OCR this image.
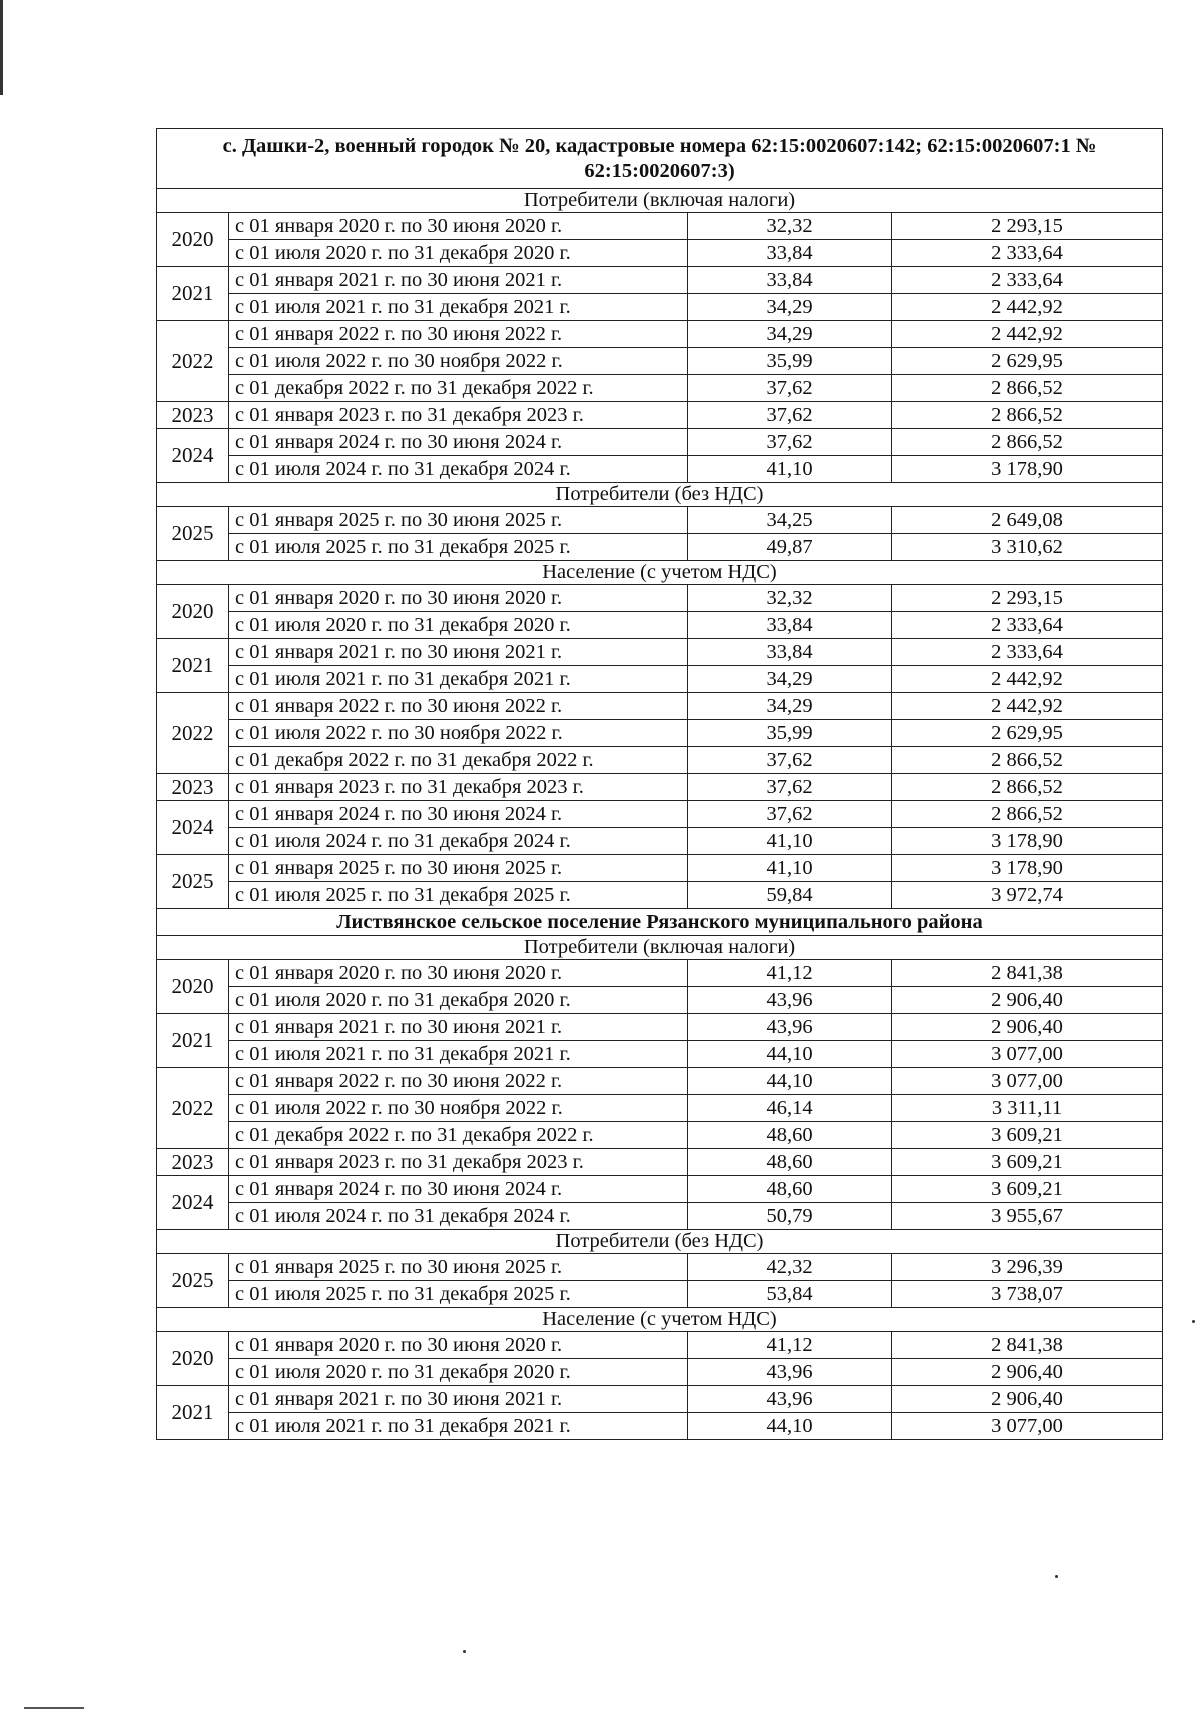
с. Дашки-2, военный городок № 20, кадастровые номера 62:15:0020607:142; 62:15:0020607:1 № 62:15:0020607:3)			
Потребители (включая налоги)			
2020	с 01 января 2020 г. по 30 июня 2020 г.	32,32	2 293,15
	с 01 июля 2020 г. по 31 декабря 2020 г.	33,84	2 333,64
2021	с 01 января 2021 г. по 30 июня 2021 г.	33,84	2 333,64
	с 01 июля 2021 г. по 31 декабря 2021 г.	34,29	2 442,92
2022	с 01 января 2022 г. по 30 июня 2022 г.	34,29	2 442,92
	с 01 июля 2022 г. по 30 ноября 2022 г.	35,99	2 629,95
	с 01 декабря 2022 г. по 31 декабря 2022 г.	37,62	2 866,52
2023	с 01 января 2023 г. по 31 декабря 2023 г.	37,62	2 866,52
2024	с 01 января 2024 г. по 30 июня 2024 г.	37,62	2 866,52
	с 01 июля 2024 г. по 31 декабря 2024 г.	41,10	3 178,90
Потребители (без НДС)			
2025	с 01 января 2025 г. по 30 июня 2025 г.	34,25	2 649,08
	с 01 июля 2025 г. по 31 декабря 2025 г.	49,87	3 310,62
Население (с учетом НДС)			
2020	с 01 января 2020 г. по 30 июня 2020 г.	32,32	2 293,15
	с 01 июля 2020 г. по 31 декабря 2020 г.	33,84	2 333,64
2021	с 01 января 2021 г. по 30 июня 2021 г.	33,84	2 333,64
	с 01 июля 2021 г. по 31 декабря 2021 г.	34,29	2 442,92
2022	с 01 января 2022 г. по 30 июня 2022 г.	34,29	2 442,92
	с 01 июля 2022 г. по 30 ноября 2022 г.	35,99	2 629,95
	с 01 декабря 2022 г. по 31 декабря 2022 г.	37,62	2 866,52
2023	с 01 января 2023 г. по 31 декабря 2023 г.	37,62	2 866,52
2024	с 01 января 2024 г. по 30 июня 2024 г.	37,62	2 866,52
	с 01 июля 2024 г. по 31 декабря 2024 г.	41,10	3 178,90
2025	с 01 января 2025 г. по 30 июня 2025 г.	41,10	3 178,90
	с 01 июля 2025 г. по 31 декабря 2025 г.	59,84	3 972,74
Листвянское сельское поселение Рязанского муниципального района			
Потребители (включая налоги)			
2020	с 01 января 2020 г. по 30 июня 2020 г.	41,12	2 841,38
	с 01 июля 2020 г. по 31 декабря 2020 г.	43,96	2 906,40
2021	с 01 января 2021 г. по 30 июня 2021 г.	43,96	2 906,40
	с 01 июля 2021 г. по 31 декабря 2021 г.	44,10	3 077,00
2022	с 01 января 2022 г. по 30 июня 2022 г.	44,10	3 077,00
	с 01 июля 2022 г. по 30 ноября 2022 г.	46,14	3 311,11
	с 01 декабря 2022 г. по 31 декабря 2022 г.	48,60	3 609,21
2023	с 01 января 2023 г. по 31 декабря 2023 г.	48,60	3 609,21
2024	с 01 января 2024 г. по 30 июня 2024 г.	48,60	3 609,21
	с 01 июля 2024 г. по 31 декабря 2024 г.	50,79	3 955,67
Потребители (без НДС)			
2025	с 01 января 2025 г. по 30 июня 2025 г.	42,32	3 296,39
	с 01 июля 2025 г. по 31 декабря 2025 г.	53,84	3 738,07
Население (с учетом НДС)			
2020	с 01 января 2020 г. по 30 июня 2020 г.	41,12	2 841,38
	с 01 июля 2020 г. по 31 декабря 2020 г.	43,96	2 906,40
2021	с 01 января 2021 г. по 30 июня 2021 г.	43,96	2 906,40
	с 01 июля 2021 г. по 31 декабря 2021 г.	44,10	3 077,00
